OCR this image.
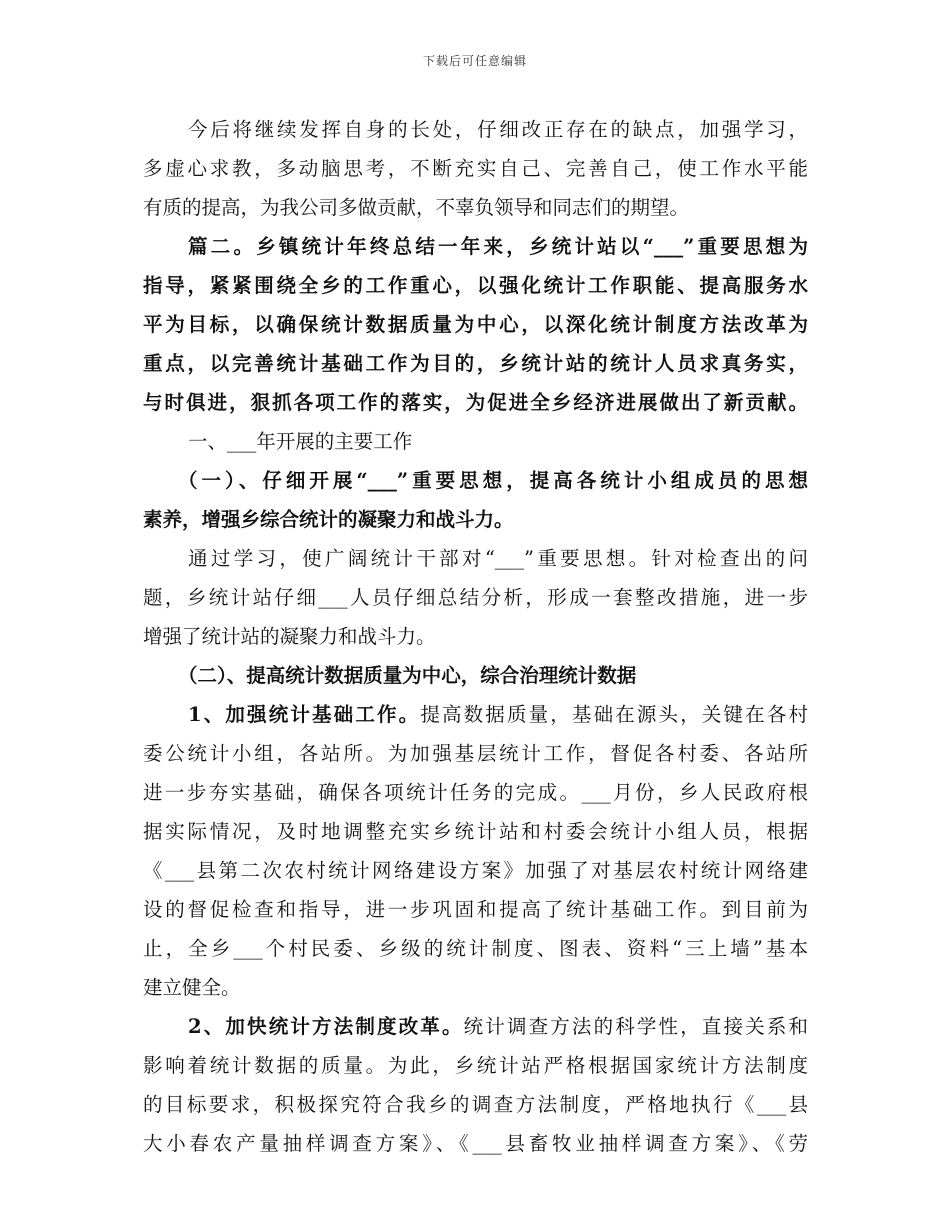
下载后可任意编辑
今后将继续发挥自身的长处，仔细改正存在的缺点，加强学习，
多虚心求教，多动脑思考，不断充实自己、完善自己，使工作水平能
有质的提高，为我公司多做贡献，不辜负领导和同志们的期望。
篇二。乡镇统计年终总结一年来，乡统计站以“___”重要思想为
指导，紧紧围绕全乡的工作重心，以强化统计工作职能、提高服务水
平为目标，以确保统计数据质量为中心，以深化统计制度方法改革为
重点，以完善统计基础工作为目的，乡统计站的统计人员求真务实，
与时俱进，狠抓各项工作的落实，为促进全乡经济进展做出了新贡献。
一、___年开展的主要工作
（一）、仔细开展“___”重要思想，提高各统计小组成员的思想
素养，增强乡综合统计的凝聚力和战斗力。
通过学习，使广阔统计干部对“___”重要思想。针对检查出的问
题，乡统计站仔细___人员仔细总结分析，形成一套整改措施，进一步
增强了统计站的凝聚力和战斗力。
（二）、提高统计数据质量为中心，综合治理统计数据
1、加强统计基础工作。提高数据质量，基础在源头，关键在各村
委公统计小组，各站所。为加强基层统计工作，督促各村委、各站所
进一步夯实基础，确保各项统计任务的完成。___月份，乡人民政府根
据实际情况，及时地调整充实乡统计站和村委会统计小组人员，根据
《___县第二次农村统计网络建设方案》加强了对基层农村统计网络建
设的督促检查和指导，进一步巩固和提高了统计基础工作。到目前为
止，全乡___个村民委、乡级的统计制度、图表、资料“三上墙”基本
建立健全。
2、加快统计方法制度改革。统计调查方法的科学性，直接关系和
影响着统计数据的质量。为此，乡统计站严格根据国家统计方法制度
的目标要求，积极探究符合我乡的调查方法制度，严格地执行《___县
大小春农产量抽样调查方案》、《___县畜牧业抽样调查方案》、《劳
